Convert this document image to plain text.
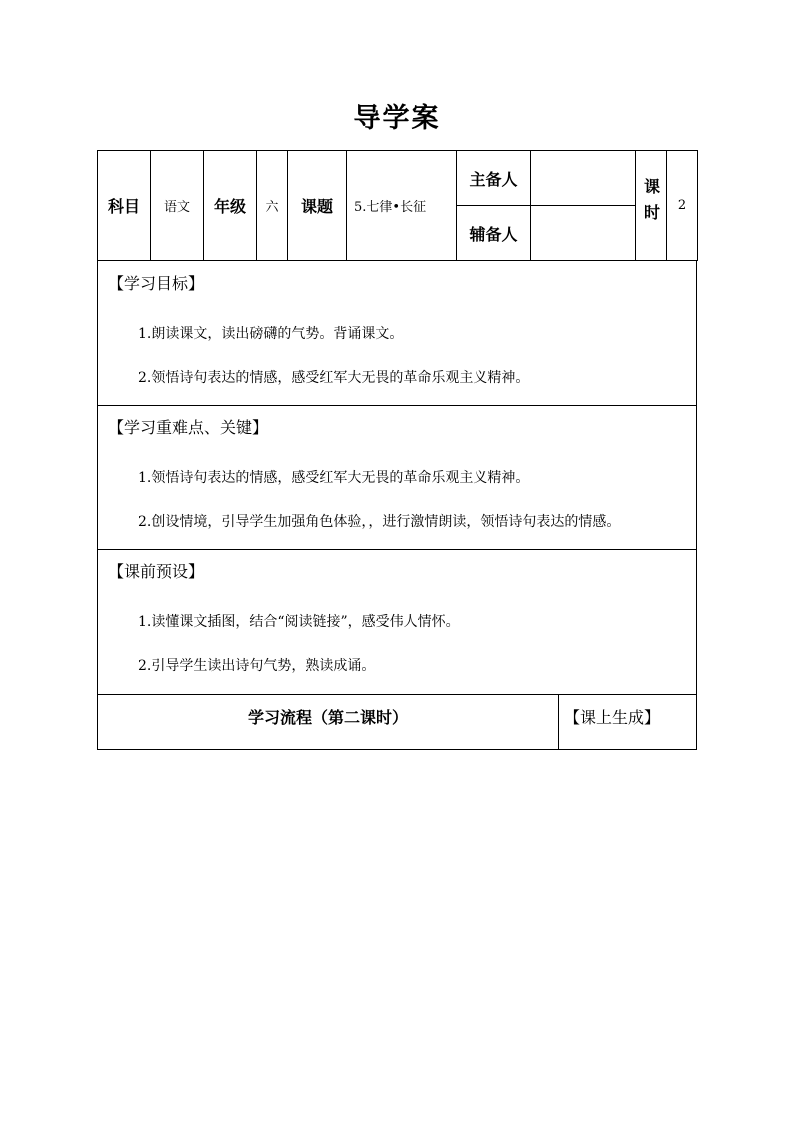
导学案
科目	语文	年级	六	课题	5.七律•长征	主备人		课时	2
						辅备人			
【学习目标】
1.朗读课文，读出磅礴的气势。背诵课文。
2.领悟诗句表达的情感，感受红军大无畏的革命乐观主义精神。
【学习重难点、关键】
1.领悟诗句表达的情感，感受红军大无畏的革命乐观主义精神。
2.创设情境，引导学生加强角色体验，，进行激情朗读，领悟诗句表达的情感。
【课前预设】
1.读懂课文插图，结合“阅读链接”，感受伟人情怀。
2.引导学生读出诗句气势，熟读成诵。
学习流程（第二课时）	【课上生成】
